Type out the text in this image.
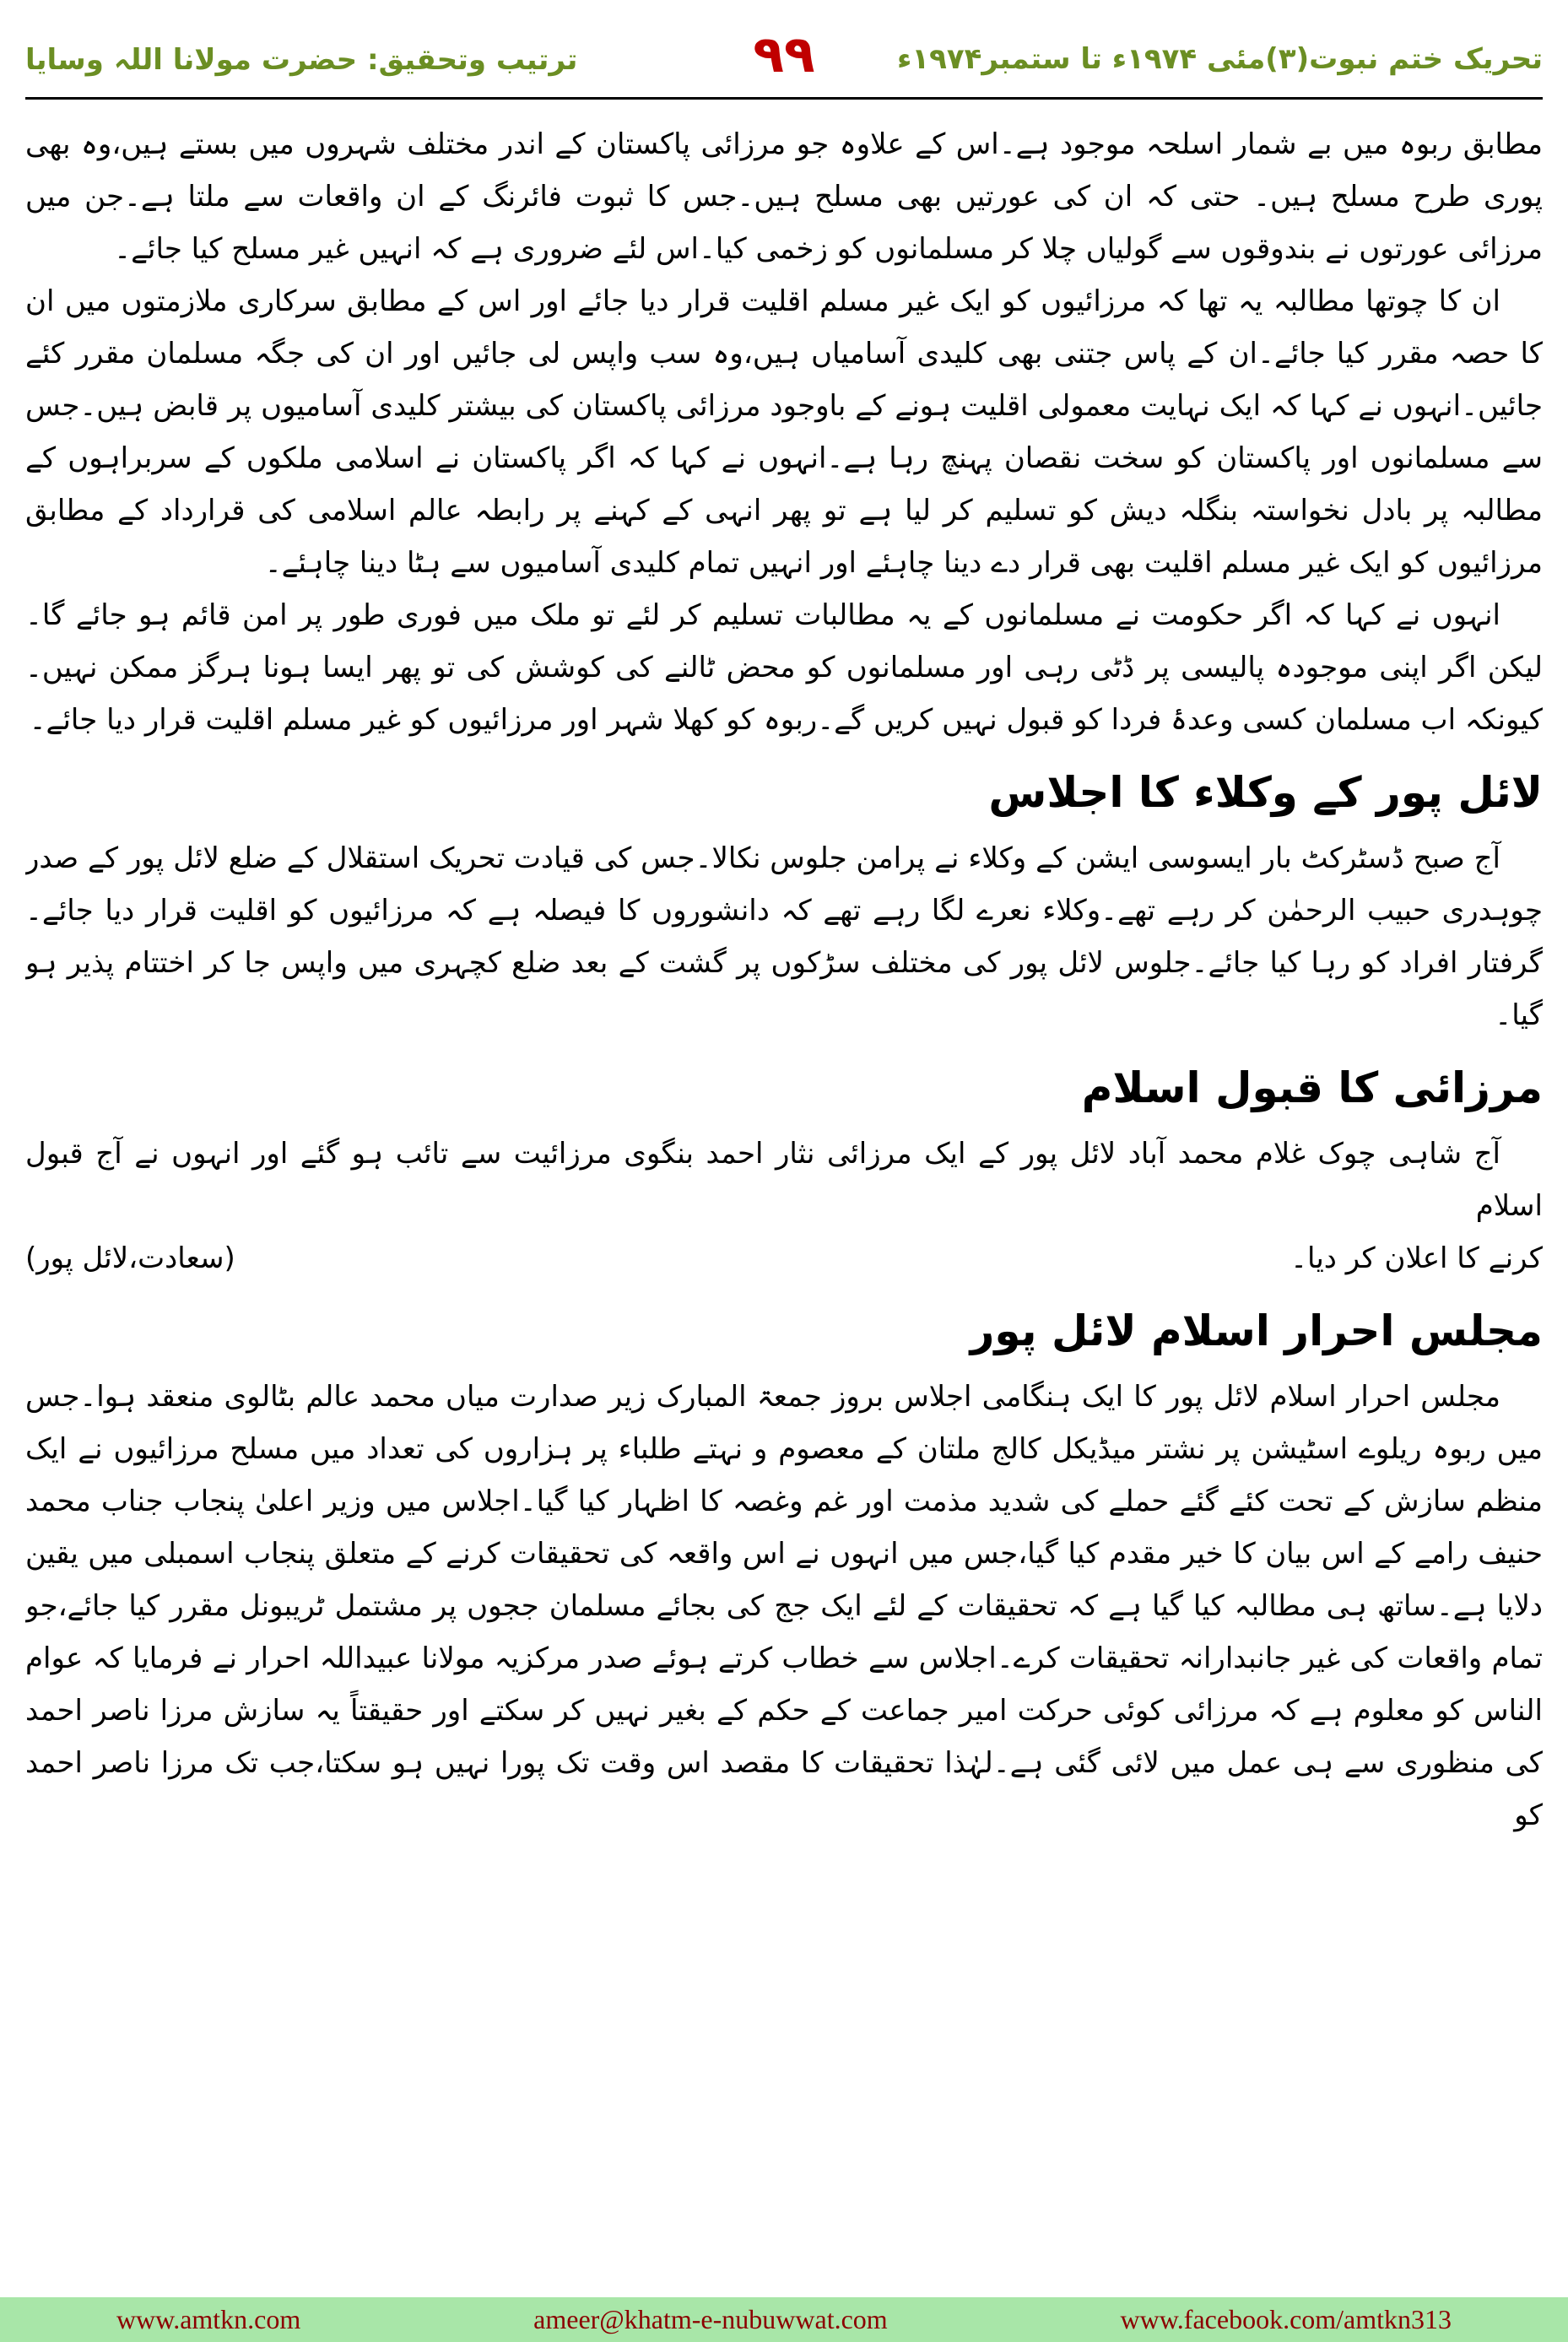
تحریک ختم نبوت(۳)مئی ۱۹۷۴ء تا ستمبر۱۹۷۴ء
۹۹
ترتیب وتحقیق: حضرت مولانا اللہ وسایا

مطابق ربوہ میں بے شمار اسلحہ موجود ہے۔اس کے علاوہ جو مرزائی پاکستان کے اندر مختلف شہروں میں بستے ہیں،وہ بھی پوری طرح مسلح ہیں۔ حتی کہ ان کی عورتیں بھی مسلح ہیں۔جس کا ثبوت فائرنگ کے ان واقعات سے ملتا ہے۔جن میں مرزائی عورتوں نے بندوقوں سے گولیاں چلا کر مسلمانوں کو زخمی کیا۔اس لئے ضروری ہے کہ انہیں غیر مسلح کیا جائے۔

ان کا چوتھا مطالبہ یہ تھا کہ مرزائیوں کو ایک غیر مسلم اقلیت قرار دیا جائے اور اس کے مطابق سرکاری ملازمتوں میں ان کا حصہ مقرر کیا جائے۔ان کے پاس جتنی بھی کلیدی آسامیاں ہیں،وہ سب واپس لی جائیں اور ان کی جگہ مسلمان مقرر کئے جائیں۔انہوں نے کہا کہ ایک نہایت معمولی اقلیت ہونے کے باوجود مرزائی پاکستان کی بیشتر کلیدی آسامیوں پر قابض ہیں۔جس سے مسلمانوں اور پاکستان کو سخت نقصان پہنچ رہا ہے۔انہوں نے کہا کہ اگر پاکستان نے اسلامی ملکوں کے سربراہوں کے مطالبہ پر بادل نخواستہ بنگلہ دیش کو تسلیم کر لیا ہے تو پھر انہی کے کہنے پر رابطہ عالم اسلامی کی قرارداد کے مطابق مرزائیوں کو ایک غیر مسلم اقلیت بھی قرار دے دینا چاہئے اور انہیں تمام کلیدی آسامیوں سے ہٹا دینا چاہئے۔

انہوں نے کہا کہ اگر حکومت نے مسلمانوں کے یہ مطالبات تسلیم کر لئے تو ملک میں فوری طور پر امن قائم ہو جائے گا۔لیکن اگر اپنی موجودہ پالیسی پر ڈٹی رہی اور مسلمانوں کو محض ٹالنے کی کوشش کی تو پھر ایسا ہونا ہرگز ممکن نہیں۔کیونکہ اب مسلمان کسی وعدۂ فردا کو قبول نہیں کریں گے۔ربوہ کو کھلا شہر اور مرزائیوں کو غیر مسلم اقلیت قرار دیا جائے۔

لائل پور کے وکلاء کا اجلاس

آج صبح ڈسٹرکٹ بار ایسوسی ایشن کے وکلاء نے پرامن جلوس نکالا۔جس کی قیادت تحریک استقلال کے ضلع لائل پور کے صدر چوہدری حبیب الرحمٰن کر رہے تھے۔وکلاء نعرے لگا رہے تھے کہ دانشوروں کا فیصلہ ہے کہ مرزائیوں کو اقلیت قرار دیا جائے۔گرفتار افراد کو رہا کیا جائے۔جلوس لائل پور کی مختلف سڑکوں پر گشت کے بعد ضلع کچہری میں واپس جا کر اختتام پذیر ہو گیا۔

مرزائی کا قبول اسلام

آج شاہی چوک غلام محمد آباد لائل پور کے ایک مرزائی نثار احمد بنگوی مرزائیت سے تائب ہو گئے اور انہوں نے آج قبول اسلام

کرنے کا اعلان کر دیا۔
(سعادت،لائل پور)
مجلس احرار اسلام لائل پور

مجلس احرار اسلام لائل پور کا ایک ہنگامی اجلاس بروز جمعۃ المبارک زیر صدارت میاں محمد عالم بٹالوی منعقد ہوا۔جس میں ربوہ ریلوے اسٹیشن پر نشتر میڈیکل کالج ملتان کے معصوم و نہتے طلباء پر ہزاروں کی تعداد میں مسلح مرزائیوں نے ایک منظم سازش کے تحت کئے گئے حملے کی شدید مذمت اور غم وغصہ کا اظہار کیا گیا۔اجلاس میں وزیر اعلیٰ پنجاب جناب محمد حنیف رامے کے اس بیان کا خیر مقدم کیا گیا،جس میں انہوں نے اس واقعہ کی تحقیقات کرنے کے متعلق پنجاب اسمبلی میں یقین دلایا ہے۔ساتھ ہی مطالبہ کیا گیا ہے کہ تحقیقات کے لئے ایک جج کی بجائے مسلمان ججوں پر مشتمل ٹریبونل مقرر کیا جائے،جو تمام واقعات کی غیر جانبدارانہ تحقیقات کرے۔اجلاس سے خطاب کرتے ہوئے صدر مرکزیہ مولانا عبیداللہ احرار نے فرمایا کہ عوام الناس کو معلوم ہے کہ مرزائی کوئی حرکت امیر جماعت کے حکم کے بغیر نہیں کر سکتے اور حقیقتاً یہ سازش مرزا ناصر احمد کی منظوری سے ہی عمل میں لائی گئی ہے۔لہٰذا تحقیقات کا مقصد اس وقت تک پورا نہیں ہو سکتا،جب تک مرزا ناصر احمد کو

www.amtkn.com	ameer@khatm-e-nubuwwat.com	www.facebook.com/amtkn313
